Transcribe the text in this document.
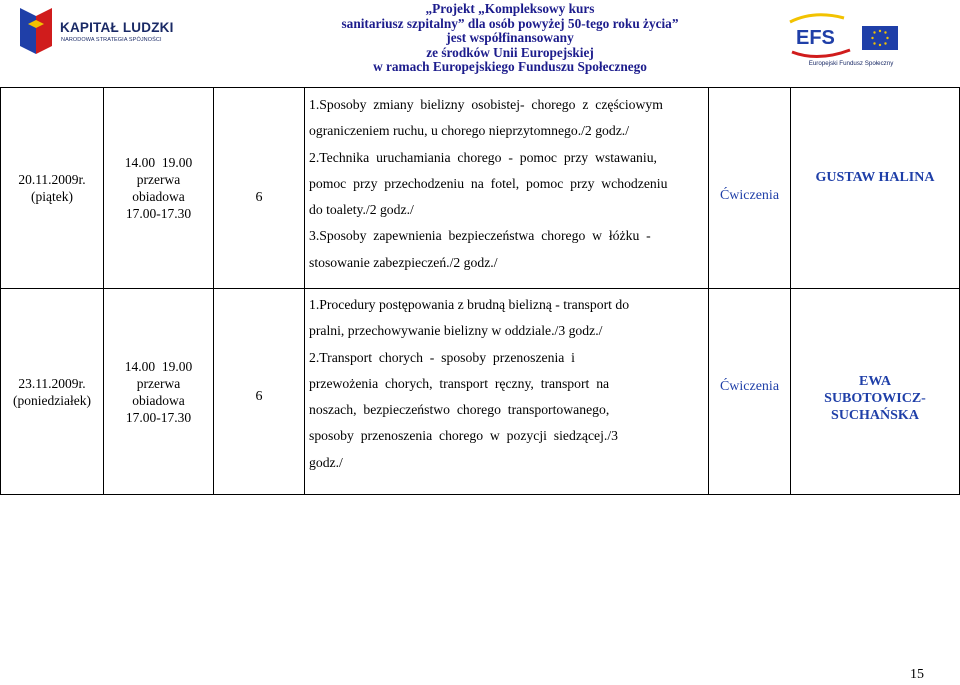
KAPITAŁ LUDZKI
NARODOWA STRATEGIA SPÓJNOŚCI
„Projekt „Kompleksowy kurs
sanitariusz szpitalny” dla osób powyżej 50-tego roku życia”
jest współfinansowany
ze środków Unii Europejskiej
w ramach Europejskiego Funduszu Społecznego
EFS
Europejski Fundusz Społeczny
20.11.2009r.
(piątek)
14.00  19.00
przerwa
obiadowa
17.00-17.30
6
1.Sposoby  zmiany  bielizny  osobistej-  chorego  z  częściowym
ograniczeniem ruchu, u chorego nieprzytomnego./2 godz./
2.Technika  uruchamiania  chorego  -  pomoc  przy  wstawaniu,
pomoc  przy  przechodzeniu  na  fotel,  pomoc  przy  wchodzeniu
do toalety./2 godz./
3.Sposoby  zapewnienia  bezpieczeństwa  chorego  w  łóżku  -
stosowanie zabezpieczeń./2 godz./
Ćwiczenia
GUSTAW HALINA
23.11.2009r.
(poniedziałek)
14.00  19.00
przerwa
obiadowa
17.00-17.30
6
1.Procedury postępowania z brudną bielizną - transport do
pralni, przechowywanie bielizny w oddziale./3 godz./
2.Transport  chorych  -  sposoby  przenoszenia  i
przewożenia  chorych,  transport  ręczny,  transport  na
noszach,  bezpieczeństwo  chorego  transportowanego,
sposoby  przenoszenia  chorego  w  pozycji  siedzącej./3
godz./
Ćwiczenia	EWA
SUBOTOWICZ-
SUCHAŃSKA
15
